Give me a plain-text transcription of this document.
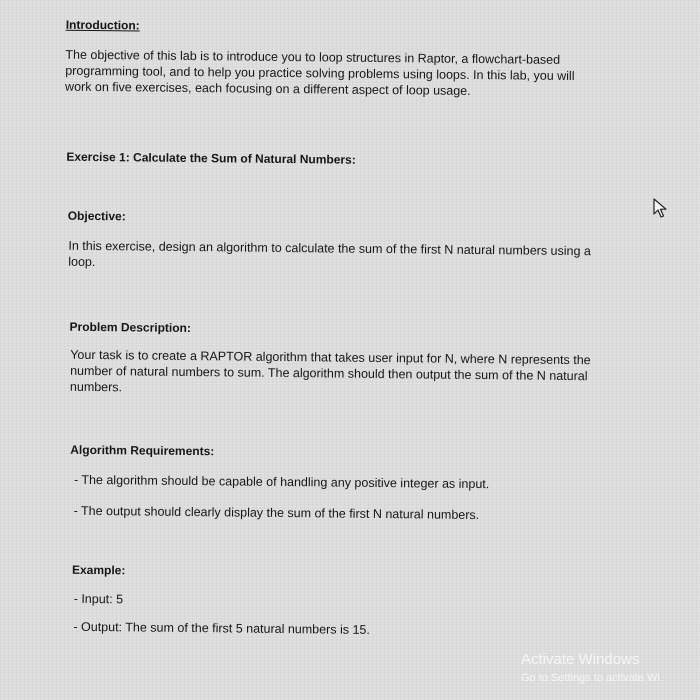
Introduction:
The objective of this lab is to introduce you to loop structures in Raptor, a flowchart-based
programming tool, and to help you practice solving problems using loops. In this lab, you will
work on five exercises, each focusing on a different aspect of loop usage.
Exercise 1: Calculate the Sum of Natural Numbers:
Objective:
In this exercise, design an algorithm to calculate the sum of the first N natural numbers using a
loop.
Problem Description:
Your task is to create a RAPTOR algorithm that takes user input for N, where N represents the
number of natural numbers to sum. The algorithm should then output the sum of the N natural
numbers.
Algorithm Requirements:
- The algorithm should be capable of handling any positive integer as input.
- The output should clearly display the sum of the first N natural numbers.
Example:
- Input: 5
- Output: The sum of the first 5 natural numbers is 15.
Activate Windows
Go to Settings to activate Wi
